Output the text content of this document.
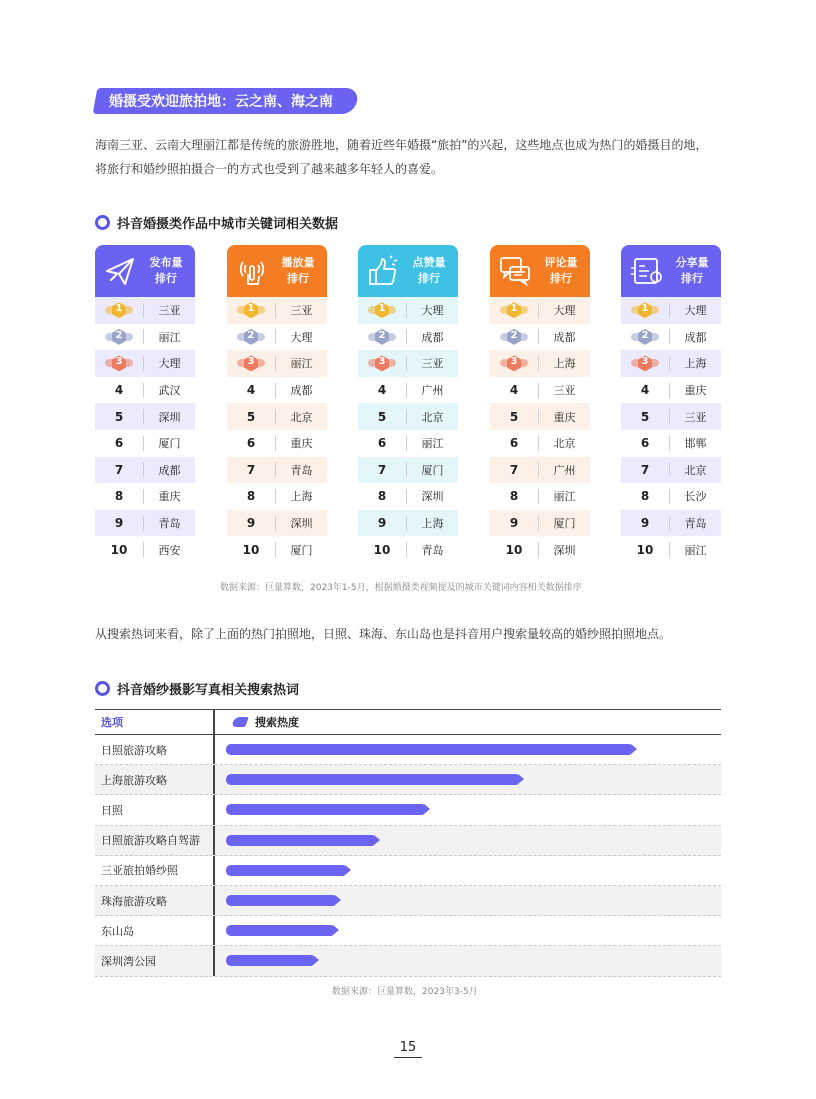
婚摄受欢迎旅拍地：云之南、海之南
海南三亚、云南大理丽江都是传统的旅游胜地，随着近些年婚摄“旅拍”的兴起，这些地点也成为热门的婚摄目的地，
将旅行和婚纱照拍摄合一的方式也受到了越来越多年轻人的喜爱。
抖音婚摄类作品中城市关键词相关数据
发布量
排行
1	三亚
2	丽江
3	大理
4	武汉
5	深圳
6	厦门
7	成都
8	重庆
9	青岛
10	西安
播放量
排行
1	三亚
2	大理
3	丽江
4	成都
5	北京
6	重庆
7	青岛
8	上海
9	深圳
10	厦门
点赞量
排行
1	大理
2	成都
3	三亚
4	广州
5	北京
6	丽江
7	厦门
8	深圳
9	上海
10	青岛
评论量
排行
1	大理
2	成都
3	上海
4	三亚
5	重庆
6	北京
7	广州
8	丽江
9	厦门
10	深圳
分享量
排行
1	大理
2	成都
3	上海
4	重庆
5	三亚
6	邯郸
7	北京
8	长沙
9	青岛
10	丽江
数据来源：巨量算数，2023年1-5月，根据婚摄类视频提及的城市关键词内容相关数据排序
从搜索热词来看，除了上面的热门拍照地，日照、珠海、东山岛也是抖音用户搜索量较高的婚纱照拍照地点。
抖音婚纱摄影写真相关搜索热词
选项	搜索热度
日照旅游攻略
上海旅游攻略
日照
日照旅游攻略自驾游
三亚旅拍婚纱照
珠海旅游攻略
东山岛
深圳湾公园
数据来源：巨量算数，2023年3-5月
15
